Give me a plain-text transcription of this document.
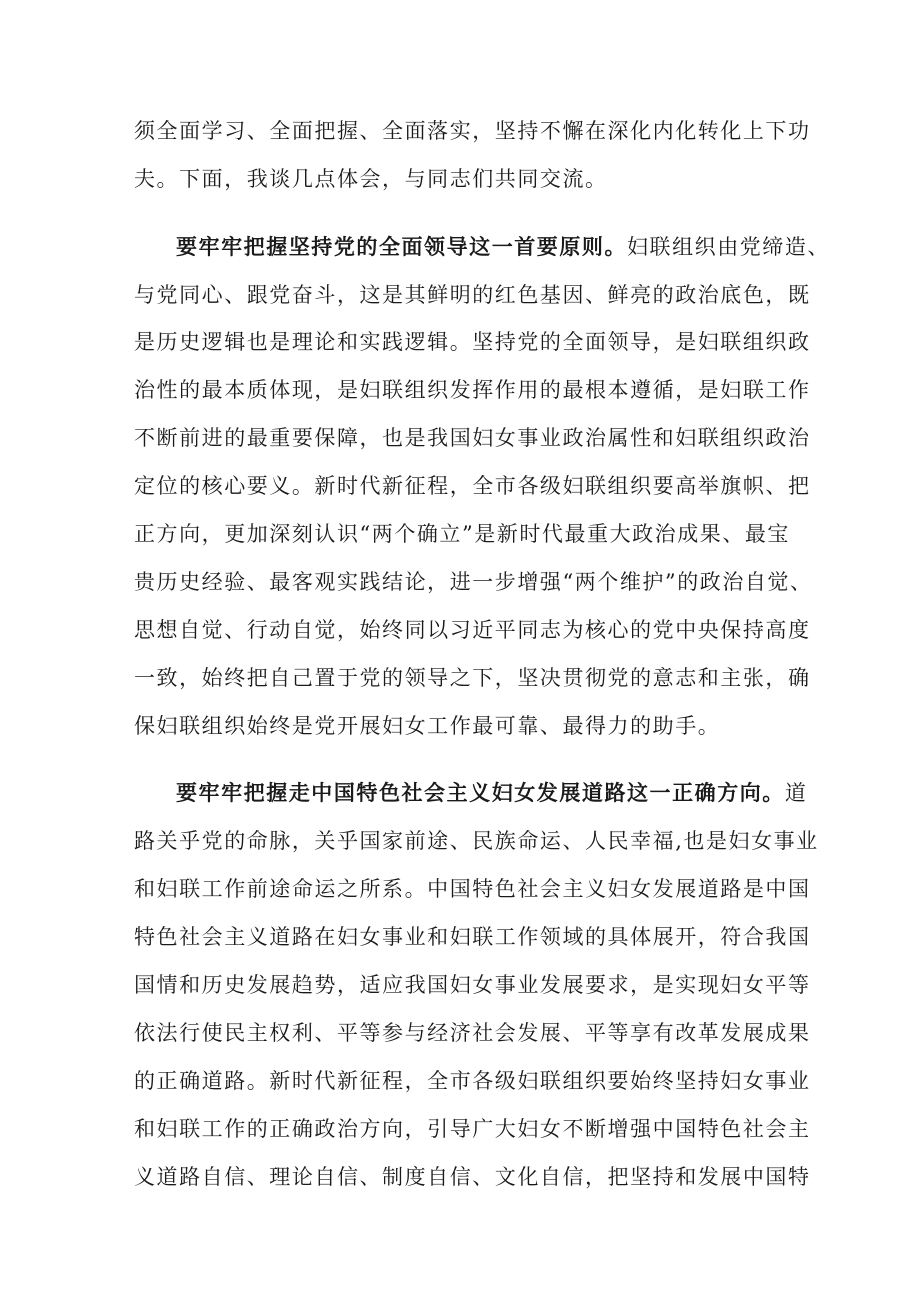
须全面学习、全面把握、全面落实，坚持不懈在深化内化转化上下功
夫。下面，我谈几点体会，与同志们共同交流。
要牢牢把握坚持党的全面领导这一首要原则。妇联组织由党缔造、
与党同心、跟党奋斗，这是其鲜明的红色基因、鲜亮的政治底色，既
是历史逻辑也是理论和实践逻辑。坚持党的全面领导，是妇联组织政
治性的最本质体现，是妇联组织发挥作用的最根本遵循，是妇联工作
不断前进的最重要保障，也是我国妇女事业政治属性和妇联组织政治
定位的核心要义。新时代新征程，全市各级妇联组织要高举旗帜、把
正方向，更加深刻认识“两个确立”是新时代最重大政治成果、最宝
贵历史经验、最客观实践结论，进一步增强“两个维护”的政治自觉、
思想自觉、行动自觉，始终同以习近平同志为核心的党中央保持高度
一致，始终把自己置于党的领导之下，坚决贯彻党的意志和主张，确
保妇联组织始终是党开展妇女工作最可靠、最得力的助手。
要牢牢把握走中国特色社会主义妇女发展道路这一正确方向。道
路关乎党的命脉，关乎国家前途、民族命运、人民幸福,也是妇女事业
和妇联工作前途命运之所系。中国特色社会主义妇女发展道路是中国
特色社会主义道路在妇女事业和妇联工作领域的具体展开，符合我国
国情和历史发展趋势，适应我国妇女事业发展要求，是实现妇女平等
依法行使民主权利、平等参与经济社会发展、平等享有改革发展成果
的正确道路。新时代新征程，全市各级妇联组织要始终坚持妇女事业
和妇联工作的正确政治方向，引导广大妇女不断增强中国特色社会主
义道路自信、理论自信、制度自信、文化自信，把坚持和发展中国特
